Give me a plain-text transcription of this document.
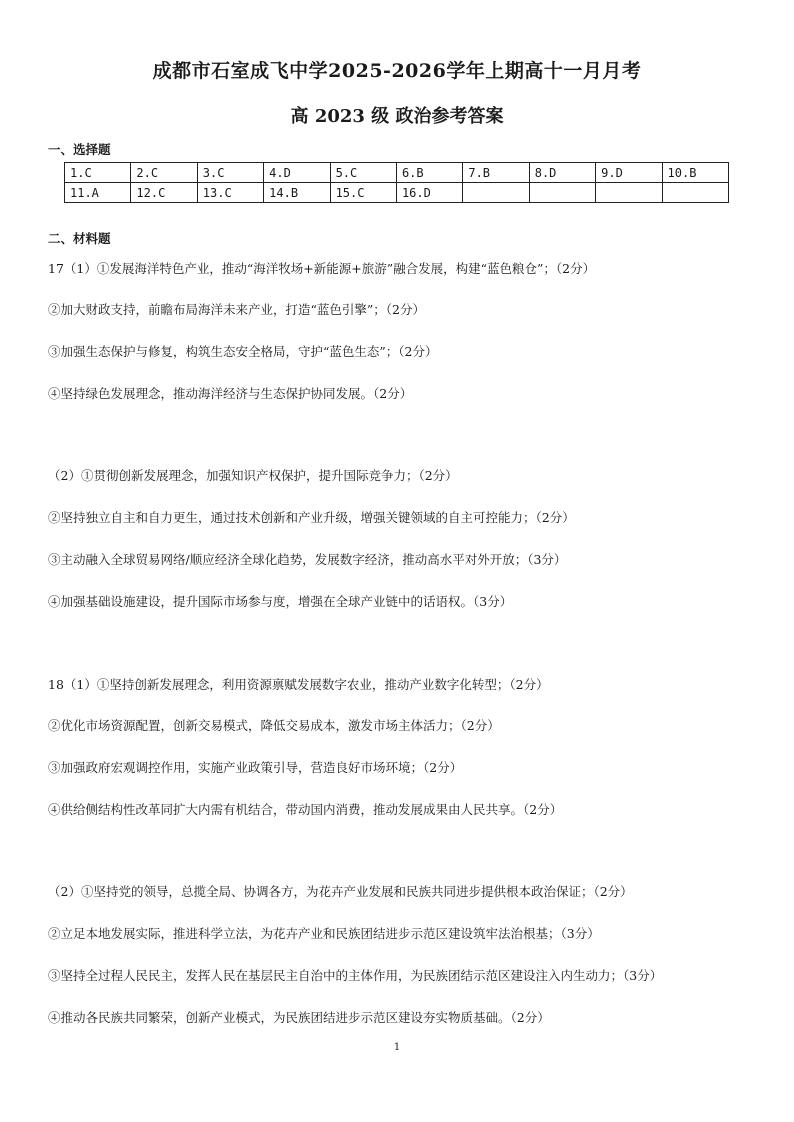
成都市石室成飞中学2025-2026学年上期高十一月月考
高 2023 级 政治参考答案
一、选择题
1.C	2.C	3.C	4.D	5.C	6.B	7.B	8.D	9.D	10.B
11.A	12.C	13.C	14.B	15.C	16.D				
二、材料题
17（1）①发展海洋特色产业，推动“海洋牧场+新能源+旅游”融合发展，构建“蓝色粮仓”；（2分）
②加大财政支持，前瞻布局海洋未来产业，打造“蓝色引擎”；（2分）
③加强生态保护与修复，构筑生态安全格局，守护“蓝色生态”；（2分）
④坚持绿色发展理念，推动海洋经济与生态保护协同发展。（2分）
（2）①贯彻创新发展理念，加强知识产权保护，提升国际竞争力；（2分）
②坚持独立自主和自力更生，通过技术创新和产业升级，增强关键领域的自主可控能力；（2分）
③主动融入全球贸易网络/顺应经济全球化趋势，发展数字经济，推动高水平对外开放；（3分）
④加强基础设施建设，提升国际市场参与度，增强在全球产业链中的话语权。（3分）
18（1）①坚持创新发展理念，利用资源禀赋发展数字农业，推动产业数字化转型；（2分）
②优化市场资源配置，创新交易模式，降低交易成本，激发市场主体活力；（2分）
③加强政府宏观调控作用，实施产业政策引导，营造良好市场环境；（2分）
④供给侧结构性改革同扩大内需有机结合，带动国内消费，推动发展成果由人民共享。（2分）
（2）①坚持党的领导，总揽全局、协调各方，为花卉产业发展和民族共同进步提供根本政治保证；（2分）
②立足本地发展实际，推进科学立法，为花卉产业和民族团结进步示范区建设筑牢法治根基；（3分）
③坚持全过程人民民主，发挥人民在基层民主自治中的主体作用，为民族团结示范区建设注入内生动力；（3分）
④推动各民族共同繁荣，创新产业模式，为民族团结进步示范区建设夯实物质基础。（2分）
1
